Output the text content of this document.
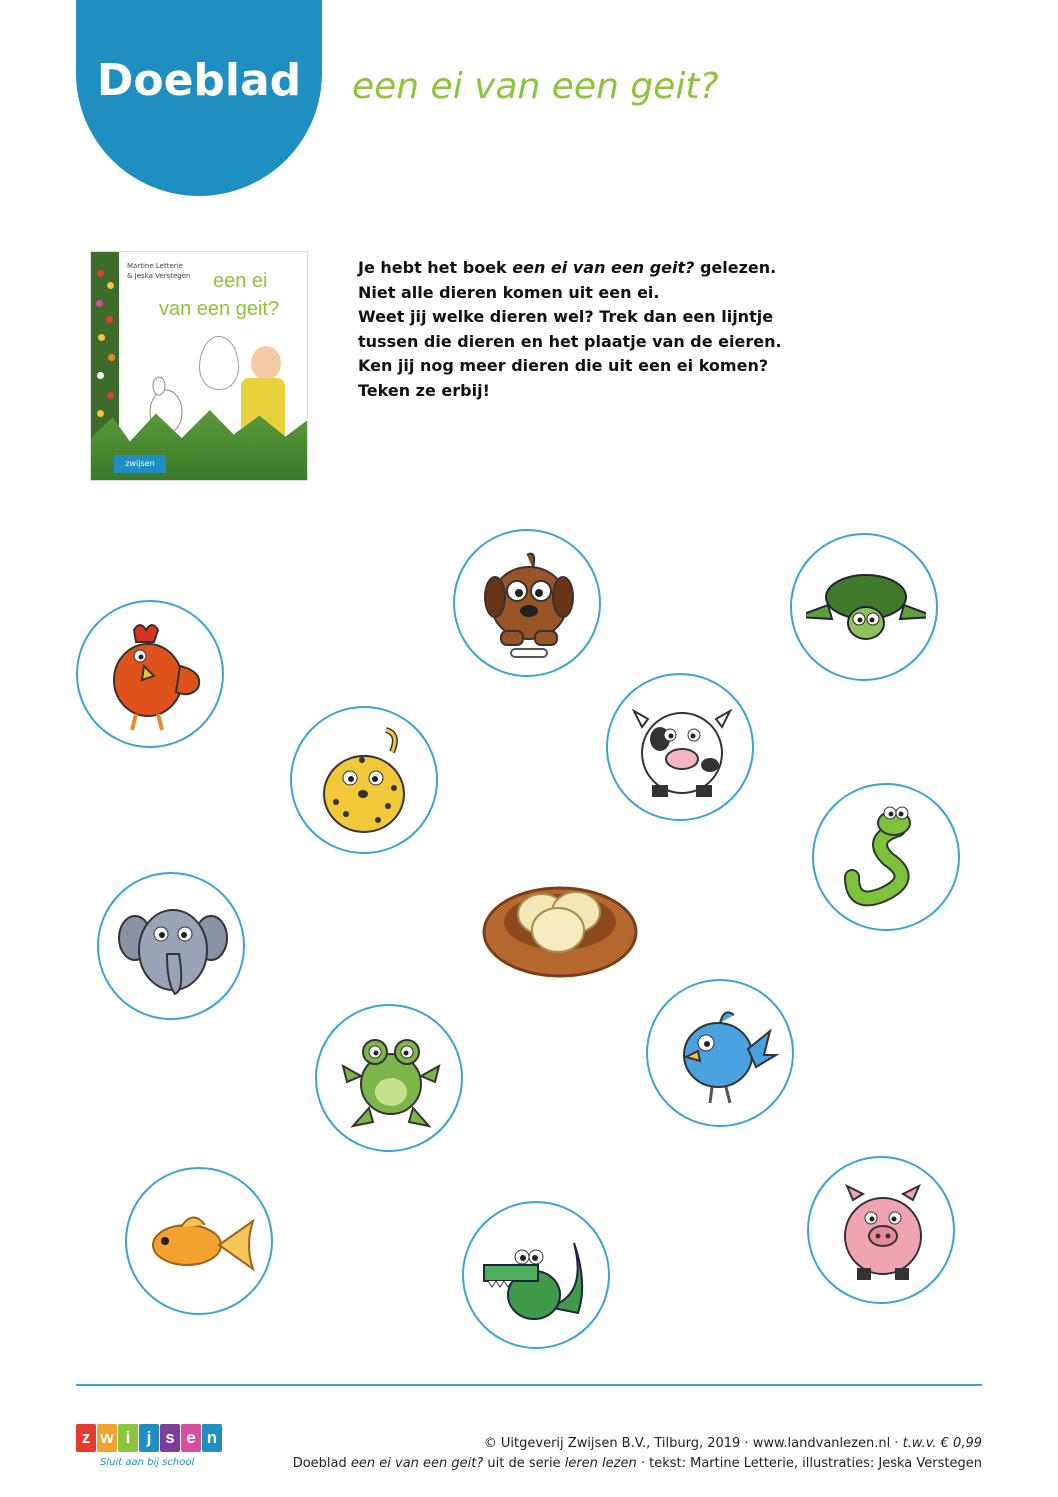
Doeblad	een ei van een geit?
Martine Letterie
& Jeska Verstegen een ei
van een geit?
zwijsen
Je hebt het boek een ei van een geit? gelezen.
Niet alle dieren komen uit een ei.
Weet jij welke dieren wel? Trek dan een lijntje
tussen die dieren en het plaatje van de eieren.
Ken jij nog meer dieren die uit een ei komen?
Teken ze erbij!
z w i j s e n
Sluit aan bij school
© Uitgeverij Zwijsen B.V., Tilburg, 2019 · www.landvanlezen.nl · t.w.v. € 0,99
Doeblad een ei van een geit? uit de serie leren lezen · tekst: Martine Letterie, illustraties: Jeska Verstegen
